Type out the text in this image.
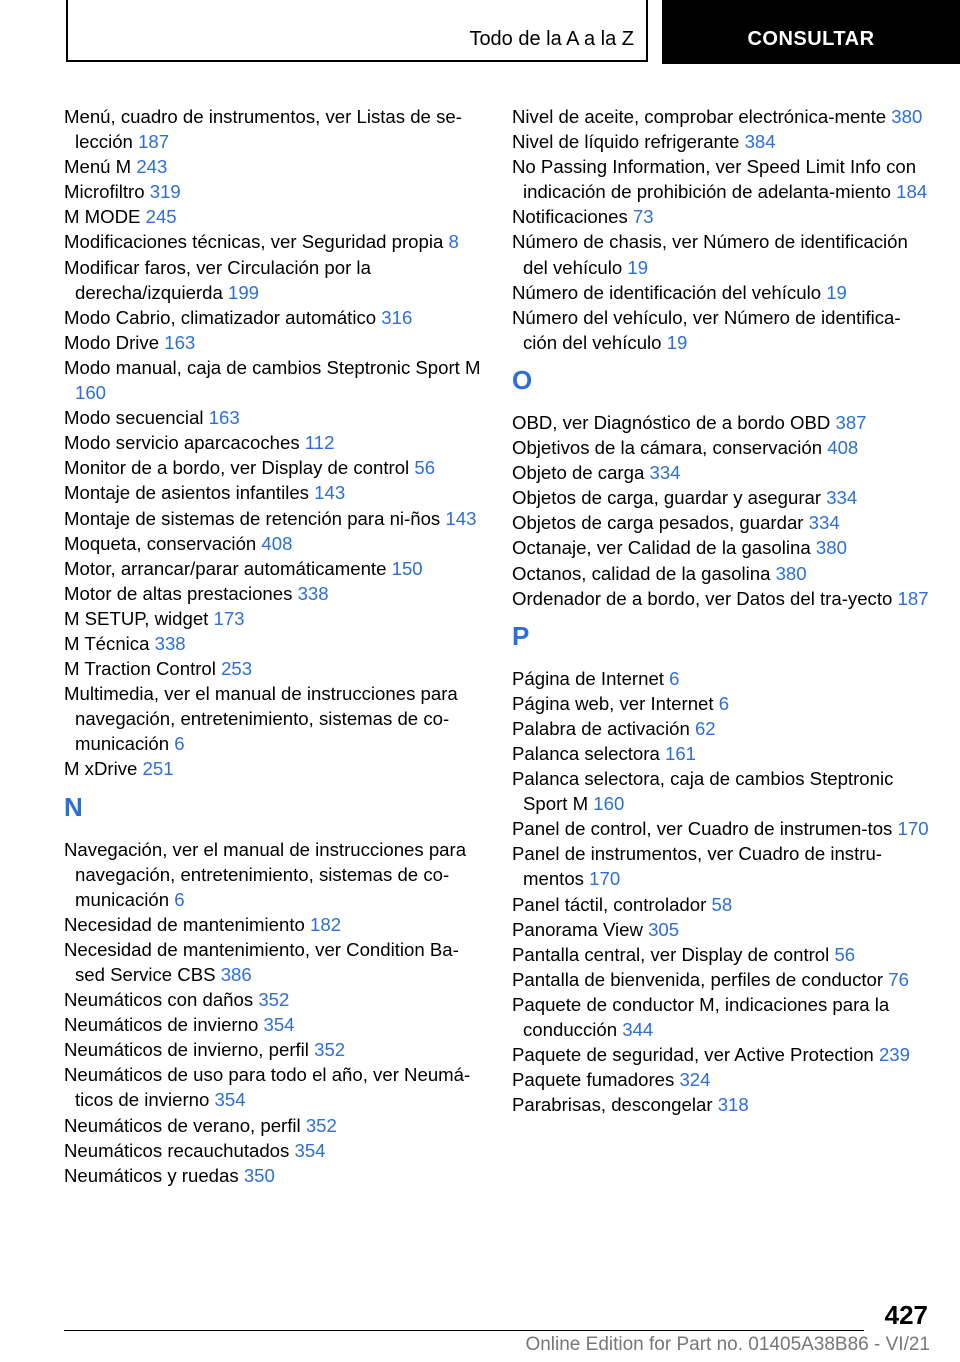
Todo de la A a la Z	CONSULTAR
Menú, cuadro de instrumentos, ver Listas de se‐lección 187
Menú M 243
Microfiltro 319
M MODE 245
Modificaciones técnicas, ver Seguridad propia 8
Modificar faros, ver Circulación por la derecha/izquierda 199
Modo Cabrio, climatizador automático 316
Modo Drive 163
Modo manual, caja de cambios Steptronic Sport M 160
Modo secuencial 163
Modo servicio aparcacoches 112
Monitor de a bordo, ver Display de control 56
Montaje de asientos infantiles 143
Montaje de sistemas de retención para ni‐ños 143
Moqueta, conservación 408
Motor, arrancar/parar automáticamente 150
Motor de altas prestaciones 338
M SETUP, widget 173
M Técnica 338
M Traction Control 253
Multimedia, ver el manual de instrucciones para navegación, entretenimiento, sistemas de co‐municación 6
M xDrive 251
N
Navegación, ver el manual de instrucciones para navegación, entretenimiento, sistemas de co‐municación 6
Necesidad de mantenimiento 182
Necesidad de mantenimiento, ver Condition Ba‐sed Service CBS 386
Neumáticos con daños 352
Neumáticos de invierno 354
Neumáticos de invierno, perfil 352
Neumáticos de uso para todo el año, ver Neumá‐ticos de invierno 354
Neumáticos de verano, perfil 352
Neumáticos recauchutados 354
Neumáticos y ruedas 350
Nivel de aceite, comprobar electrónica‐mente 380
Nivel de líquido refrigerante 384
No Passing Information, ver Speed Limit Info con indicación de prohibición de adelanta‐miento 184
Notificaciones 73
Número de chasis, ver Número de identificación del vehículo 19
Número de identificación del vehículo 19
Número del vehículo, ver Número de identifica‐ción del vehículo 19
O
OBD, ver Diagnóstico de a bordo OBD 387
Objetivos de la cámara, conservación 408
Objeto de carga 334
Objetos de carga, guardar y asegurar 334
Objetos de carga pesados, guardar 334
Octanaje, ver Calidad de la gasolina 380
Octanos, calidad de la gasolina 380
Ordenador de a bordo, ver Datos del tra‐yecto 187
P
Página de Internet 6
Página web, ver Internet 6
Palabra de activación 62
Palanca selectora 161
Palanca selectora, caja de cambios Steptronic Sport M 160
Panel de control, ver Cuadro de instrumen‐tos 170
Panel de instrumentos, ver Cuadro de instru‐mentos 170
Panel táctil, controlador 58
Panorama View 305
Pantalla central, ver Display de control 56
Pantalla de bienvenida, perfiles de conductor 76
Paquete de conductor M, indicaciones para la conducción 344
Paquete de seguridad, ver Active Protection 239
Paquete fumadores 324
Parabrisas, descongelar 318
427
Online Edition for Part no. 01405A38B86 - VI/21
